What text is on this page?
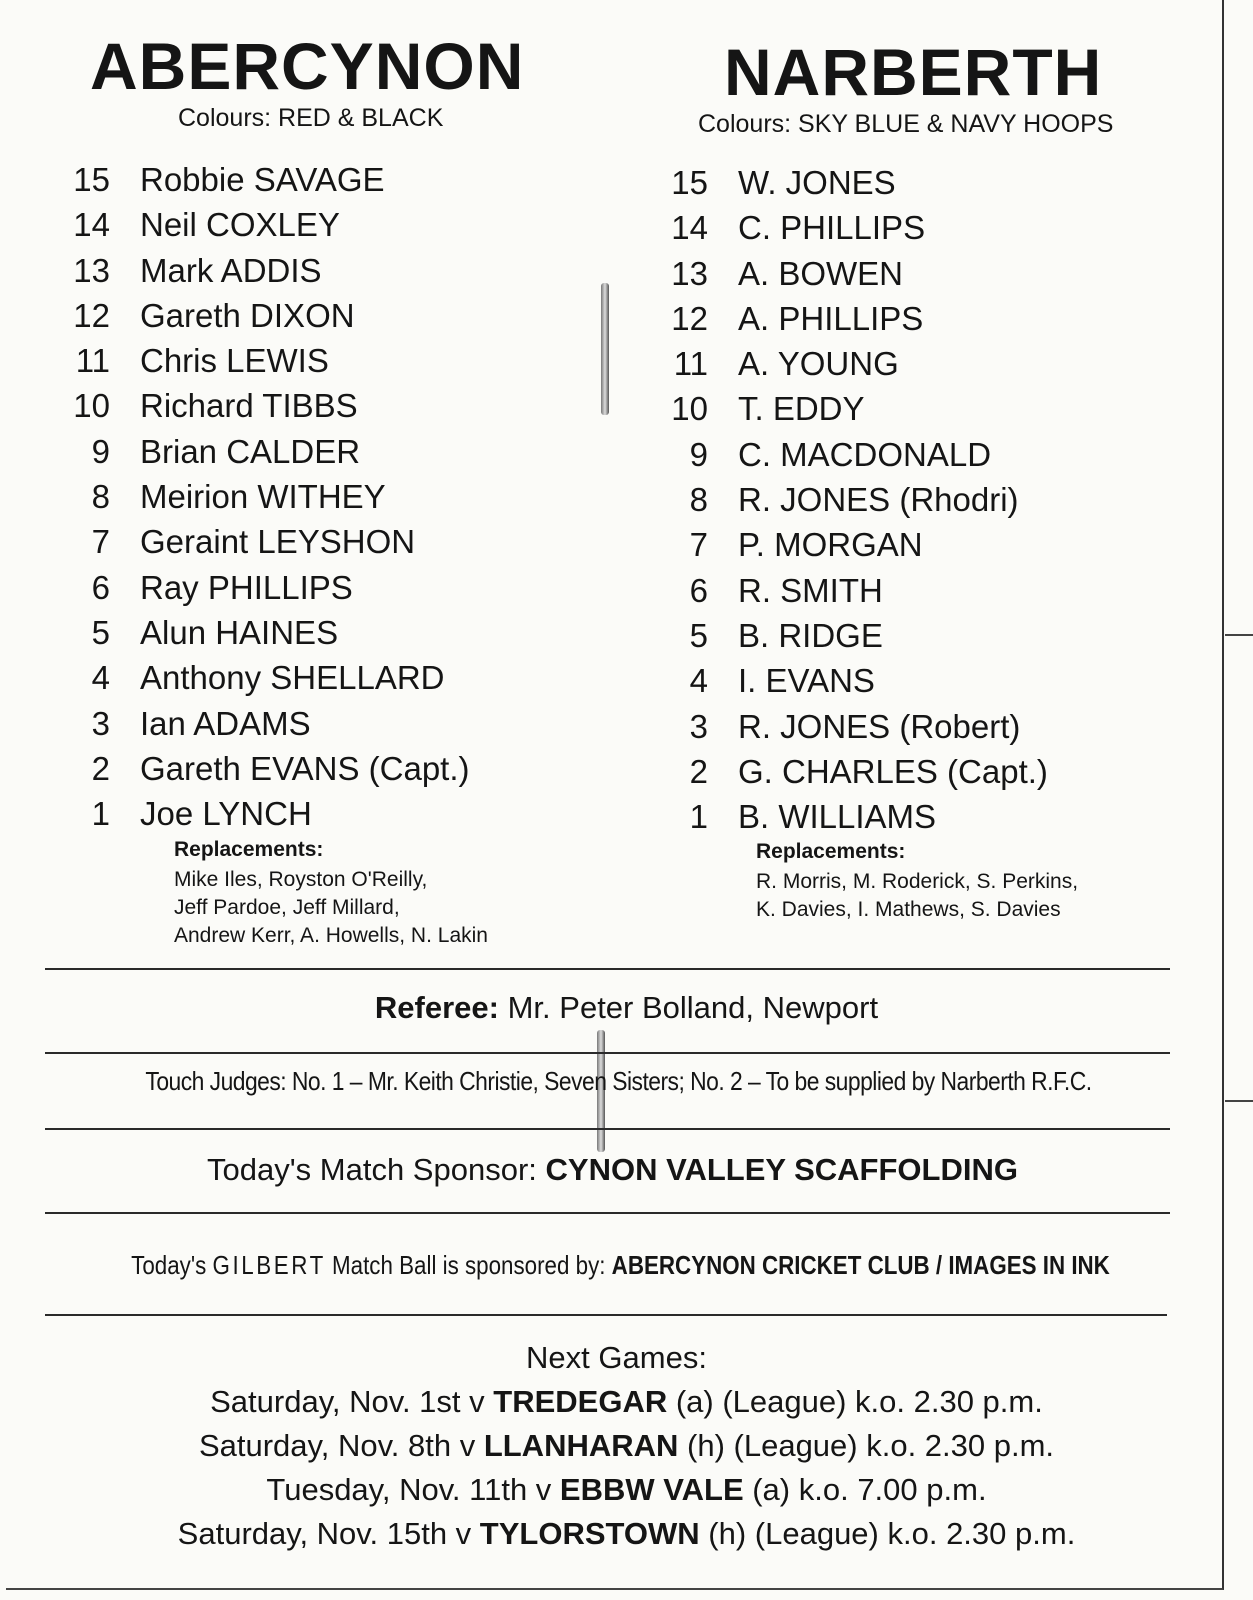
ABERCYNON
Colours: RED & BLACK
15 Robbie SAVAGE
14 Neil COXLEY
13 Mark ADDIS
12 Gareth DIXON
11 Chris LEWIS
10 Richard TIBBS
9 Brian CALDER
8 Meirion WITHEY
7 Geraint LEYSHON
6 Ray PHILLIPS
5 Alun HAINES
4 Anthony SHELLARD
3 Ian ADAMS
2 Gareth EVANS (Capt.)
1 Joe LYNCH
Replacements:
Mike Iles, Royston O'Reilly,
Jeff Pardoe, Jeff Millard,
Andrew Kerr, A. Howells, N. Lakin
NARBERTH
Colours: SKY BLUE & NAVY HOOPS
15 W. JONES
14 C. PHILLIPS
13 A. BOWEN
12 A. PHILLIPS
11 A. YOUNG
10 T. EDDY
9 C. MACDONALD
8 R. JONES (Rhodri)
7 P. MORGAN
6 R. SMITH
5 B. RIDGE
4 I. EVANS
3 R. JONES (Robert)
2 G. CHARLES (Capt.)
1 B. WILLIAMS
Replacements:
R. Morris, M. Roderick, S. Perkins,
K. Davies, I. Mathews, S. Davies
Referee: Mr. Peter Bolland, Newport
Touch Judges: No. 1 – Mr. Keith Christie, Seven Sisters; No. 2 – To be supplied by Narberth R.F.C.
Today's Match Sponsor: CYNON VALLEY SCAFFOLDING
Today's GILBERT Match Ball is sponsored by: ABERCYNON CRICKET CLUB / IMAGES IN INK
Next Games:
Saturday, Nov. 1st v TREDEGAR (a) (League) k.o. 2.30 p.m.
Saturday, Nov. 8th v LLANHARAN (h) (League) k.o. 2.30 p.m.
Tuesday, Nov. 11th v EBBW VALE (a) k.o. 7.00 p.m.
Saturday, Nov. 15th v TYLORSTOWN (h) (League) k.o. 2.30 p.m.
